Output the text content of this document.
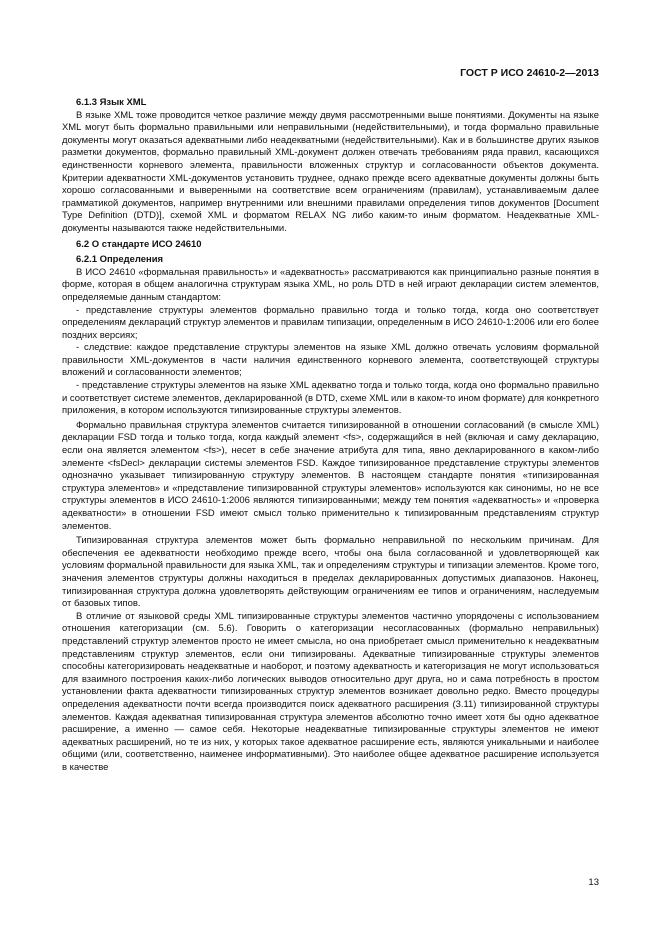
ГОСТ Р ИСО 24610-2—2013

6.1.3 Язык XML

В языке XML тоже проводится четкое различие между двумя рассмотренными выше понятиями. Документы на языке XML могут быть формально правильными или неправильными (недействительными), и тогда формально правильные документы могут оказаться адекватными либо неадекватными (недействительными). Как и в большинстве других языков разметки документов, формально правильный XML-документ должен отвечать требованиям ряда правил, касающихся единственности корневого элемента, правильности вложенных структур и согласованности объектов документа. Критерии адекватности XML-документов установить труднее, однако прежде всего адекватные документы должны быть хорошо согласованными и выверенными на соответствие всем ограничениям (правилам), устанавливаемым далее грамматикой документов, например внутренними или внешними правилами определения типов документов [Document Type Definition (DTD)], схемой XML и форматом RELAX NG либо каким-то иным форматом. Неадекватные XML-документы называются также недействительными.

6.2 О стандарте ИСО 24610

6.2.1 Определения

В ИСО 24610 «формальная правильность» и «адекватность» рассматриваются как принципиально разные понятия в форме, которая в общем аналогична структурам языка XML, но роль DTD в ней играют декларации систем элементов, определяемые данным стандартом:

- представление структуры элементов формально правильно тогда и только тогда, когда оно соответствует определениям деклараций структур элементов и правилам типизации, определенным в ИСО 24610-1:2006 или его более поздних версиях;

- следствие: каждое представление структуры элементов на языке XML должно отвечать условиям формальной правильности XML-документов в части наличия единственного корневого элемента, соответствующей структуры вложений и согласованности элементов;

- представление структуры элементов на языке XML адекватно тогда и только тогда, когда оно формально правильно и соответствует системе элементов, декларированной (в DTD, схеме XML или в каком-то ином формате) для конкретного приложения, в котором используются типизированные структуры элементов.

Формально правильная структура элементов считается типизированной в отношении согласований (в смысле XML) декларации FSD тогда и только тогда, когда каждый элемент <fs>, содержащийся в ней (включая и саму декларацию, если она является элементом <fs>), несет в себе значение атрибута для типа, явно декларированного в каком-либо элементе <fsDecl> декларации системы элементов FSD. Каждое типизированное представление структуры элементов однозначно указывает типизированную структуру элементов. В настоящем стандарте понятия «типизированная структура элементов» и «представление типизированной структуры элементов» используются как синонимы, но не все структуры элементов в ИСО 24610-1:2006 являются типизированными; между тем понятия «адекватность» и «проверка адекватности» в отношении FSD имеют смысл только применительно к типизированным представлениям структур элементов.

Типизированная структура элементов может быть формально неправильной по нескольким причинам. Для обеспечения ее адекватности необходимо прежде всего, чтобы она была согласованной и удовлетворяющей как условиям формальной правильности для языка XML, так и определениям структуры и типизации элементов. Кроме того, значения элементов структуры должны находиться в пределах декларированных допустимых диапазонов. Наконец, типизированная структура должна удовлетворять действующим ограничениям ее типов и ограничениям, наследуемым от базовых типов.

В отличие от языковой среды XML типизированные структуры элементов частично упорядочены с использованием отношения категоризации (см. 5.6). Говорить о категоризации несогласованных (формально неправильных) представлений структур элементов просто не имеет смысла, но она приобретает смысл применительно к неадекватным представлениям структур элементов, если они типизированы. Адекватные типизированные структуры элементов способны категоризировать неадекватные и наоборот, и поэтому адекватность и категоризация не могут использоваться для взаимного построения каких-либо логических выводов относительно друг друга, но и сама потребность в простом установлении факта адекватности типизированных структур элементов возникает довольно редко. Вместо процедуры определения адекватности почти всегда производится поиск адекватного расширения (3.11) типизированной структуры элементов. Каждая адекватная типизированная структура элементов абсолютно точно имеет хотя бы одно адекватное расширение, а именно — самое себя. Некоторые неадекватные типизированные структуры элементов не имеют адекватных расширений, но те из них, у которых такое адекватное расширение есть, являются уникальными и наиболее общими (или, соответственно, наименее информативными). Это наиболее общее адекватное расширение используется в качестве

13
